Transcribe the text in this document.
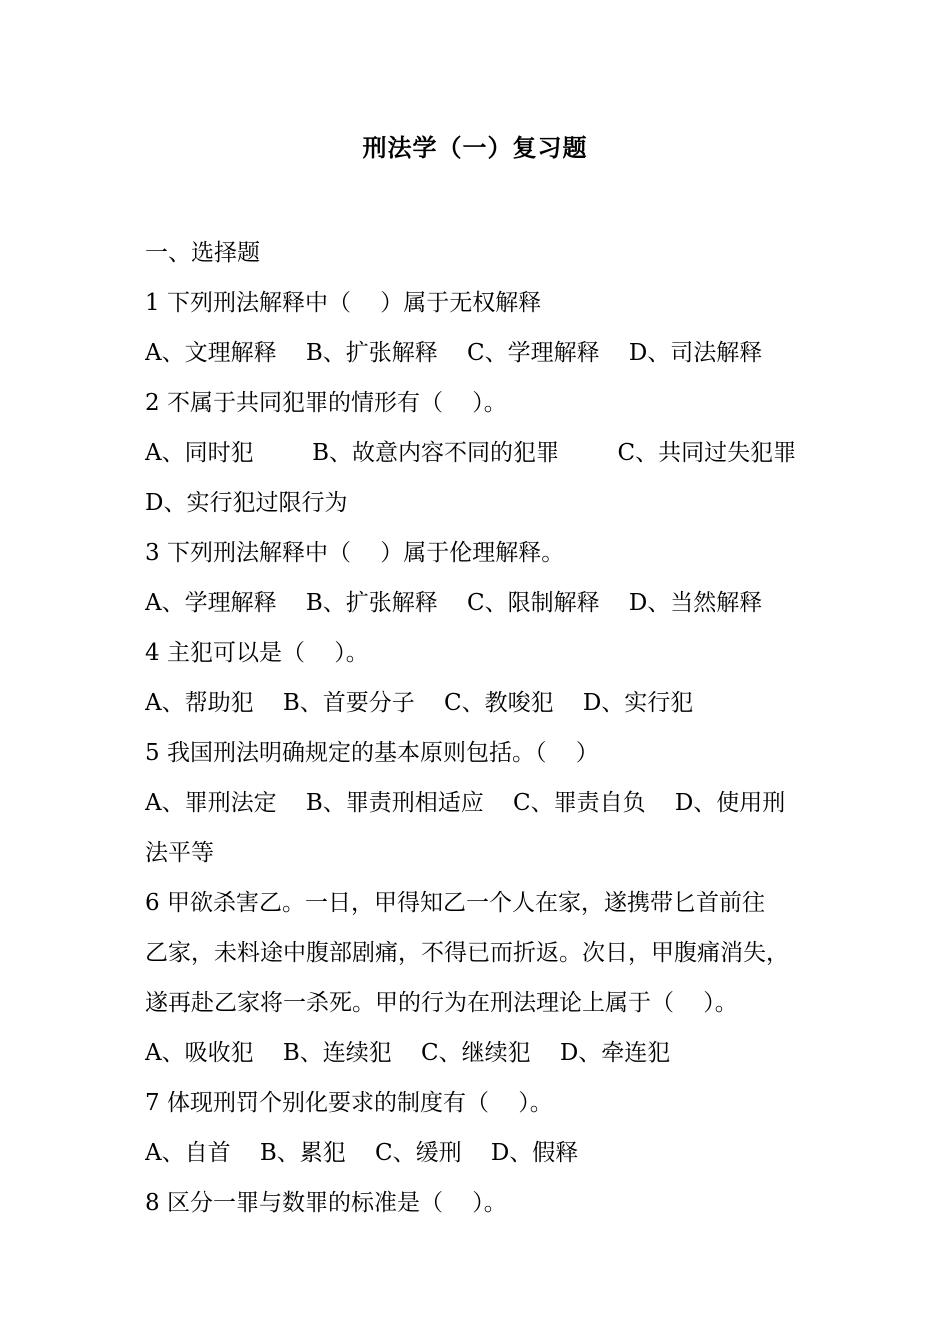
刑法学（一）复习题
一、选择题
1 下列刑法解释中（    ）属于无权解释
A、文理解释    B、扩张解释    C、学理解释    D、司法解释
2 不属于共同犯罪的情形有（    ）。
A、同时犯        B、故意内容不同的犯罪        C、共同过失犯罪
D、实行犯过限行为
3 下列刑法解释中（    ）属于伦理解释。
A、学理解释    B、扩张解释    C、限制解释    D、当然解释
4 主犯可以是（    ）。
A、帮助犯    B、首要分子    C、教唆犯    D、实行犯
5 我国刑法明确规定的基本原则包括。（    ）
A、罪刑法定    B、罪责刑相适应    C、罪责自负    D、使用刑
法平等
6 甲欲杀害乙。一日，甲得知乙一个人在家，遂携带匕首前往
乙家，未料途中腹部剧痛，不得已而折返。次日，甲腹痛消失，
遂再赴乙家将一杀死。甲的行为在刑法理论上属于（    ）。
A、吸收犯    B、连续犯    C、继续犯    D、牵连犯
7 体现刑罚个别化要求的制度有（    ）。
A、自首    B、累犯    C、缓刑    D、假释
8 区分一罪与数罪的标准是（    ）。
